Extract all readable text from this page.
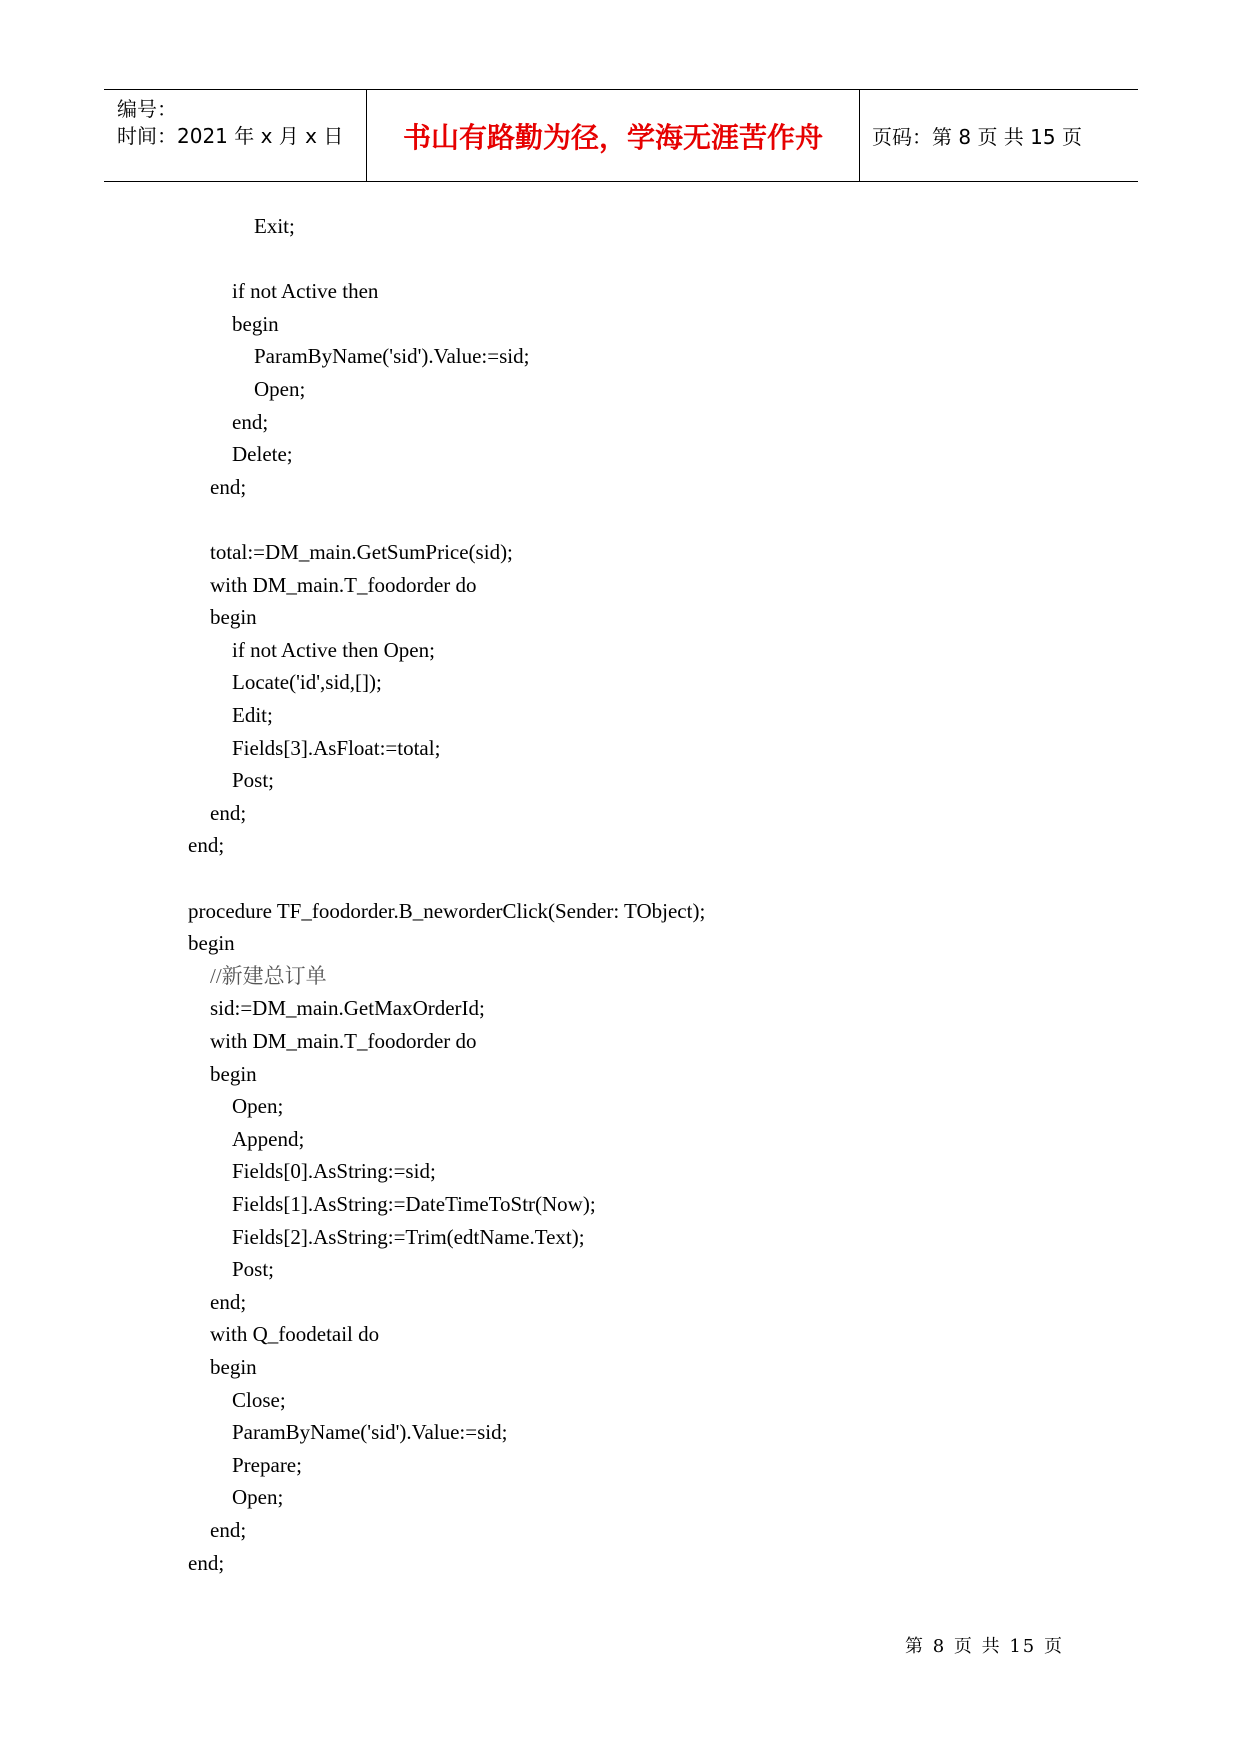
编号：
时间：2021 年 x 月 x 日 书山有路勤为径，学海无涯苦作舟 页码：第 8 页 共 15 页
Exit;
if not Active then
begin
ParamByName('sid').Value:=sid;
Open;
end;
Delete;
end;
total:=DM_main.GetSumPrice(sid);
with DM_main.T_foodorder do
begin
if not Active then Open;
Locate('id',sid,[]);
Edit;
Fields[3].AsFloat:=total;
Post;
end;
end;
procedure TF_foodorder.B_neworderClick(Sender: TObject);
begin
//新建总订单
sid:=DM_main.GetMaxOrderId;
with DM_main.T_foodorder do
begin
Open;
Append;
Fields[0].AsString:=sid;
Fields[1].AsString:=DateTimeToStr(Now);
Fields[2].AsString:=Trim(edtName.Text);
Post;
end;
with Q_foodetail do
begin
Close;
ParamByName('sid').Value:=sid;
Prepare;
Open;
end;
end;
第 8 页 共 15 页
